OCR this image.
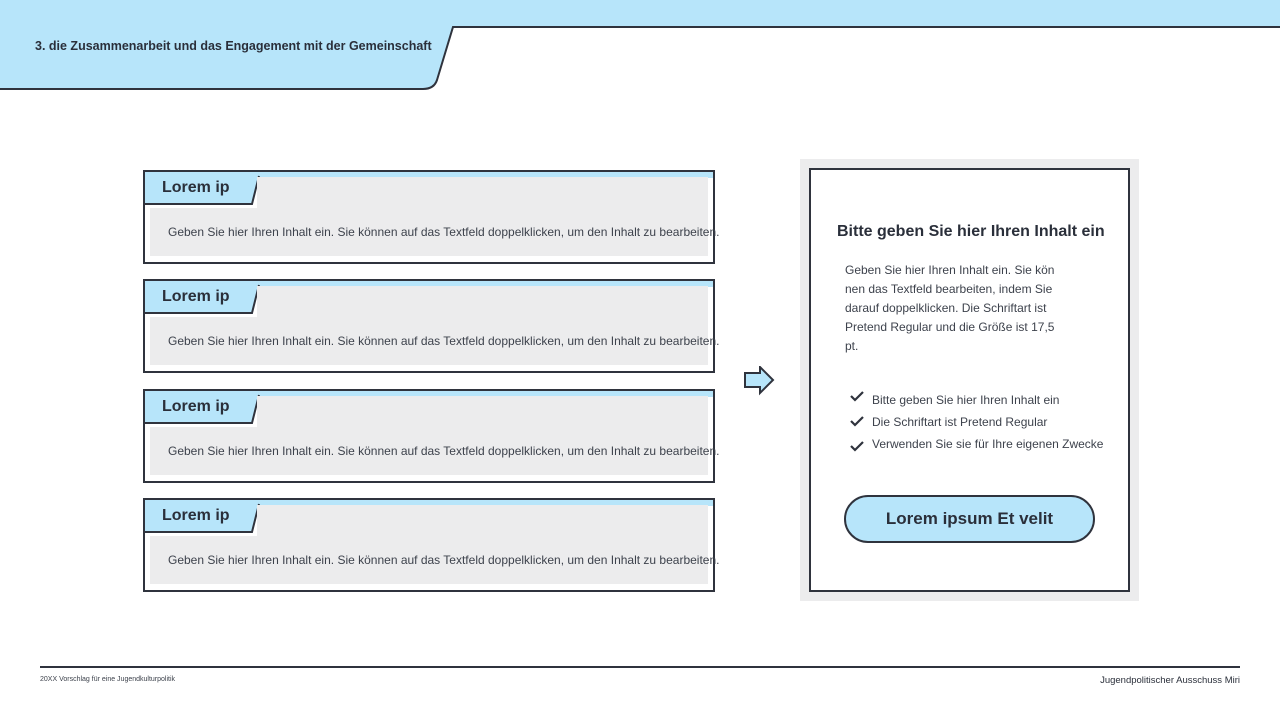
3. die Zusammenarbeit und das Engagement mit der Gemeinschaft
Lorem ip
Geben Sie hier Ihren Inhalt ein. Sie können auf das Textfeld doppelklicken, um den Inhalt zu bearbeiten.
Lorem ip
Geben Sie hier Ihren Inhalt ein. Sie können auf das Textfeld doppelklicken, um den Inhalt zu bearbeiten.
Lorem ip
Geben Sie hier Ihren Inhalt ein. Sie können auf das Textfeld doppelklicken, um den Inhalt zu bearbeiten.
Lorem ip
Geben Sie hier Ihren Inhalt ein. Sie können auf das Textfeld doppelklicken, um den Inhalt zu bearbeiten.
Bitte geben Sie hier Ihren Inhalt ein
Geben Sie hier Ihren Inhalt ein. Sie kön
nen das Textfeld bearbeiten, indem Sie
darauf doppelklicken. Die Schriftart ist
Pretend Regular und die Größe ist 17,5
pt.
Bitte geben Sie hier Ihren Inhalt ein
Die Schriftart ist Pretend Regular
Verwenden Sie sie für Ihre eigenen Zwecke
Lorem ipsum Et velit
20XX Vorschlag für eine Jugendkulturpolitik	Jugendpolitischer Ausschuss Miri
